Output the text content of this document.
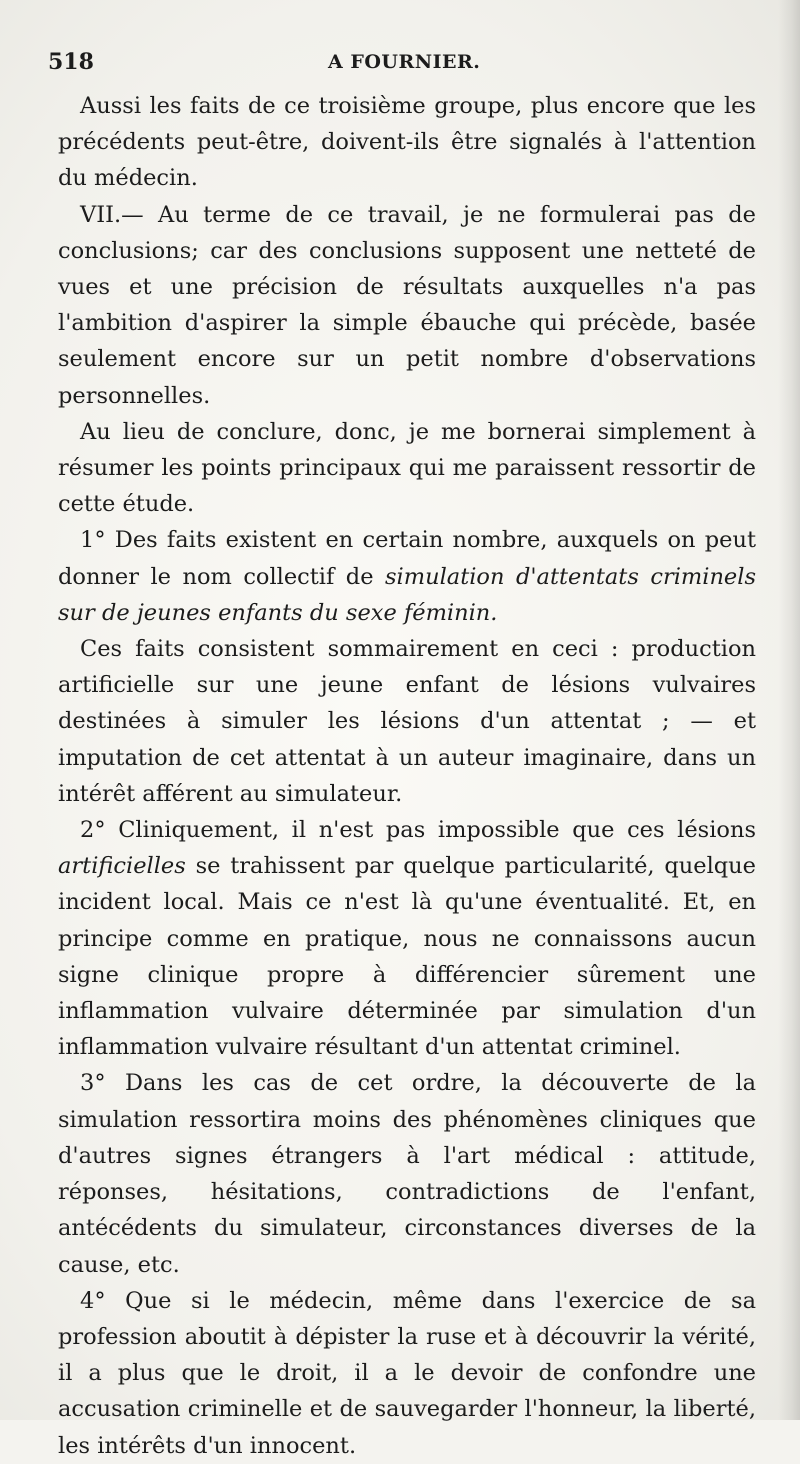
518	A FOURNIER.

Aussi les faits de ce troisième groupe, plus encore que les précédents peut-être, doivent-ils être signalés à l'attention du médecin.

VII.— Au terme de ce travail, je ne formulerai pas de conclusions; car des conclusions supposent une netteté de vues et une précision de résultats auxquelles n'a pas l'ambition d'aspirer la simple ébauche qui précède, basée seulement encore sur un petit nombre d'observations personnelles.

Au lieu de conclure, donc, je me bornerai simplement à résumer les points principaux qui me paraissent ressortir de cette étude.

1° Des faits existent en certain nombre, auxquels on peut donner le nom collectif de simulation d'attentats criminels sur de jeunes enfants du sexe féminin.

Ces faits consistent sommairement en ceci : production artificielle sur une jeune enfant de lésions vulvaires destinées à simuler les lésions d'un attentat ; — et imputation de cet attentat à un auteur imaginaire, dans un intérêt afférent au simulateur.

2° Cliniquement, il n'est pas impossible que ces lésions artificielles se trahissent par quelque particularité, quelque incident local. Mais ce n'est là qu'une éventualité. Et, en principe comme en pratique, nous ne connaissons aucun signe clinique propre à différencier sûrement une inflammation vulvaire déterminée par simulation d'un inflammation vulvaire résultant d'un attentat criminel.

3° Dans les cas de cet ordre, la découverte de la simulation ressortira moins des phénomènes cliniques que d'autres signes étrangers à l'art médical : attitude, réponses, hésitations, contradictions de l'enfant, antécédents du simulateur, circonstances diverses de la cause, etc.

4° Que si le médecin, même dans l'exercice de sa profession aboutit à dépister la ruse et à découvrir la vérité, il a plus que le droit, il a le devoir de confondre une accusation criminelle et de sauvegarder l'honneur, la liberté, les intérêts d'un innocent.
